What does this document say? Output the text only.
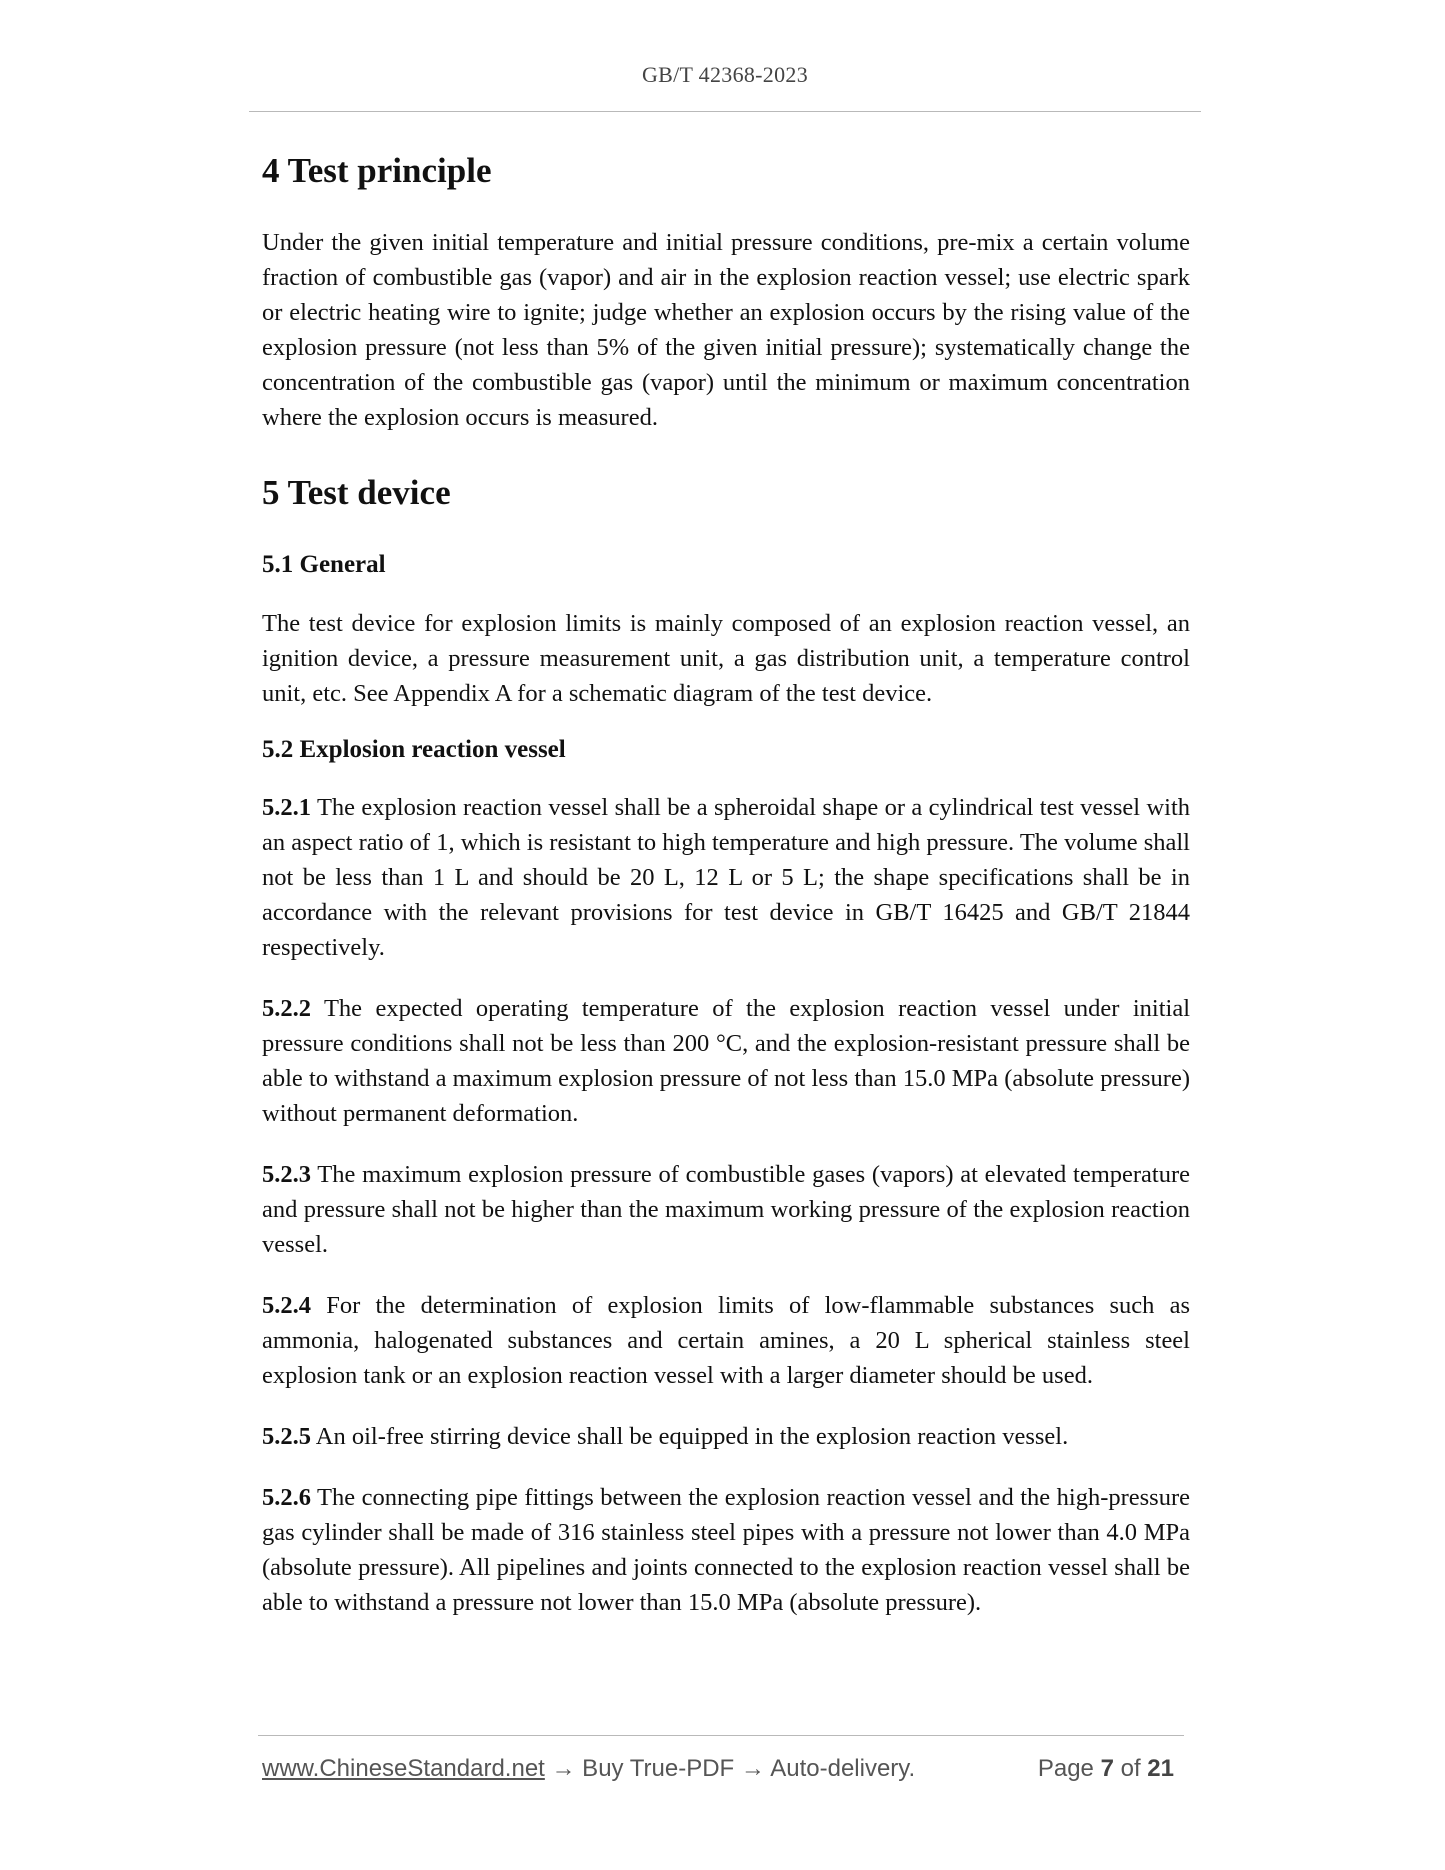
GB/T 42368-2023
4 Test principle

Under the given initial temperature and initial pressure conditions, pre-mix a certain volume fraction of combustible gas (vapor) and air in the explosion reaction vessel; use electric spark or electric heating wire to ignite; judge whether an explosion occurs by the rising value of the explosion pressure (not less than 5% of the given initial pressure); systematically change the concentration of the combustible gas (vapor) until the minimum or maximum concentration where the explosion occurs is measured.

5 Test device
5.1 General

The test device for explosion limits is mainly composed of an explosion reaction vessel, an ignition device, a pressure measurement unit, a gas distribution unit, a temperature control unit, etc. See Appendix A for a schematic diagram of the test device.

5.2 Explosion reaction vessel

5.2.1 The explosion reaction vessel shall be a spheroidal shape or a cylindrical test vessel with an aspect ratio of 1, which is resistant to high temperature and high pressure. The volume shall not be less than 1 L and should be 20 L, 12 L or 5 L; the shape specifications shall be in accordance with the relevant provisions for test device in GB/T 16425 and GB/T 21844 respectively.

5.2.2 The expected operating temperature of the explosion reaction vessel under initial pressure conditions shall not be less than 200 °C, and the explosion-resistant pressure shall be able to withstand a maximum explosion pressure of not less than 15.0 MPa (absolute pressure) without permanent deformation.

5.2.3 The maximum explosion pressure of combustible gases (vapors) at elevated temperature and pressure shall not be higher than the maximum working pressure of the explosion reaction vessel.

5.2.4 For the determination of explosion limits of low-flammable substances such as ammonia, halogenated substances and certain amines, a 20 L spherical stainless steel explosion tank or an explosion reaction vessel with a larger diameter should be used.

5.2.5 An oil-free stirring device shall be equipped in the explosion reaction vessel.

5.2.6 The connecting pipe fittings between the explosion reaction vessel and the high-pressure gas cylinder shall be made of 316 stainless steel pipes with a pressure not lower than 4.0 MPa (absolute pressure). All pipelines and joints connected to the explosion reaction vessel shall be able to withstand a pressure not lower than 15.0 MPa (absolute pressure).

www.ChineseStandard.net → Buy True-PDF → Auto-delivery.	Page 7 of 21
